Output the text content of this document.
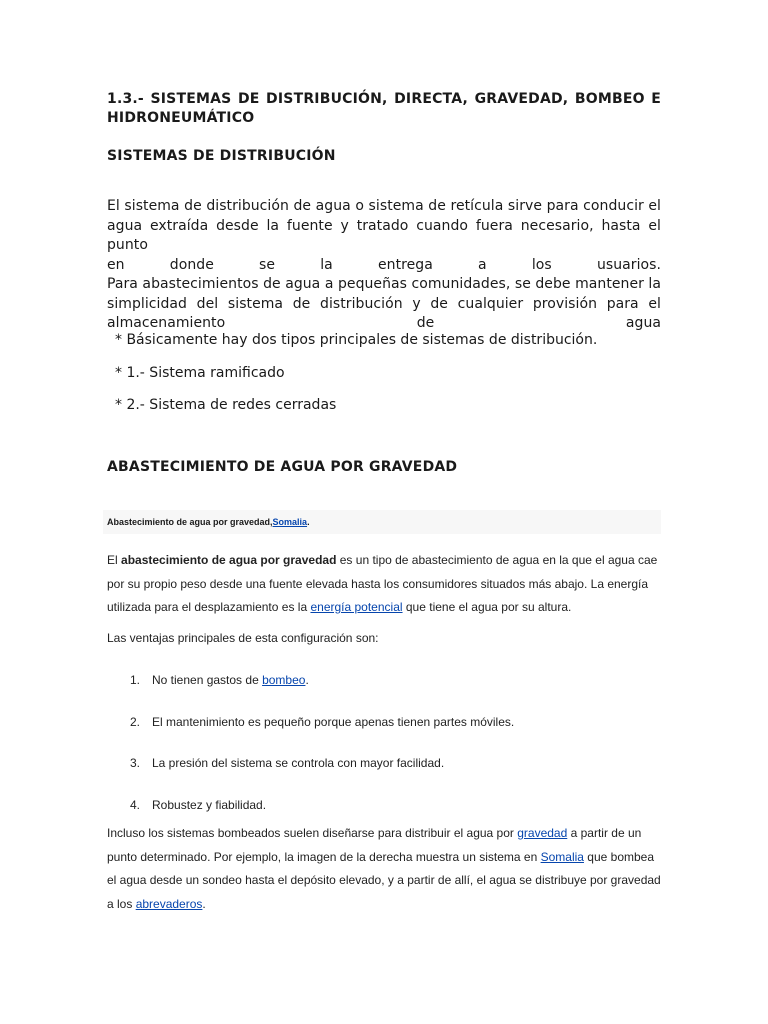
1.3.- SISTEMAS DE DISTRIBUCIÓN, DIRECTA, GRAVEDAD, BOMBEO E HIDRONEUMÁTICO
SISTEMAS DE DISTRIBUCIÓN
El sistema de distribución de agua o sistema de retícula sirve para conducir el
agua extraída desde la fuente y tratado cuando fuera necesario, hasta el punto
en donde se la entrega a los usuarios.
Para abastecimientos de agua a pequeñas comunidades, se debe mantener la
simplicidad del sistema de distribución y de cualquier provisión para el
almacenamiento de agua
* Básicamente hay dos tipos principales de sistemas de distribución.
* 1.- Sistema ramificado
* 2.- Sistema de redes cerradas
ABASTECIMIENTO DE AGUA POR GRAVEDAD
Abastecimiento de agua por gravedad,Somalia.
El abastecimiento de agua por gravedad es un tipo de abastecimiento de agua en la que el agua cae por su propio peso desde una fuente elevada hasta los consumidores situados más abajo. La energía utilizada para el desplazamiento es la energía potencial que tiene el agua por su altura.
Las ventajas principales de esta configuración son:
1. No tienen gastos de bombeo.
2. El mantenimiento es pequeño porque apenas tienen partes móviles.
3. La presión del sistema se controla con mayor facilidad.
4. Robustez y fiabilidad.
Incluso los sistemas bombeados suelen diseñarse para distribuir el agua por gravedad a partir de un punto determinado. Por ejemplo, la imagen de la derecha muestra un sistema en Somalia que bombea el agua desde un sondeo hasta el depósito elevado, y a partir de allí, el agua se distribuye por gravedad a los abrevaderos.
